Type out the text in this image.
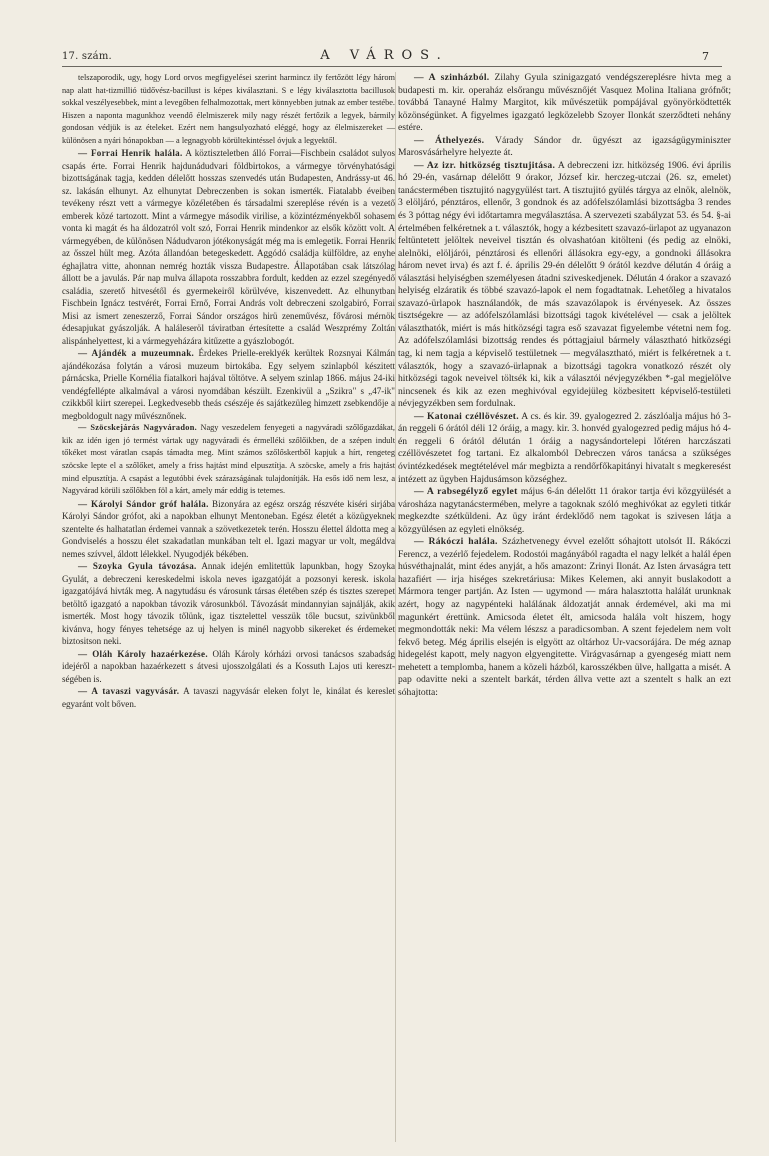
17. szám.	A VÁROS.	7

telszaporodik, ugy, hogy Lord orvos megfigyelései szerint harmincz ily fertőzött légy három nap alatt hat-tizmillió tüdővész-bacillust is képes kiválasztani. S e légy kiválasztotta bacillusok sokkal veszélyesebbek, mint a levegőben felhalmozottak, mert könnyebben jutnak az ember testébe. Hiszen a naponta magunkhoz veendő élelmiszerek mily nagy részét fertőzik a legyek, bármily gondosan védjük is az ételeket. Ezért nem hangsulyozható eléggé, hogy az élelmiszereket — különösen a nyári hónapokban — a legnagyobb körültekintéssel óvjuk a legyektől.

— Forrai Henrik halála. A köztiszteletben álló Forrai—Fischbein családot sulyos csapás érte. Forrai Henrik hajdunádudvari földbirtokos, a vármegye törvényhatósági bizottságának tagja, kedden délelőtt hosszas szenvedés után Budapesten, Andrássy-ut 46. sz. lakásán elhunyt. Az elhunytat Debreczenben is sokan ismerték. Fiatalabb éveiben tevékeny részt vett a vármegye közéletében és társadalmi szereplése révén is a vezető emberek közé tartozott. Mint a vármegye második virilise, a közintézményekből sohasem vonta ki magát és ha áldozatról volt szó, Forrai Henrik mindenkor az elsők között volt. A vármegyében, de különösen Nádudvaron jótékonyságát még ma is emlegetik. Forrai Henrik az ősszel hült meg. Azóta állandóan betegeskedett. Aggódó családja külföldre, az enyhe éghajlatra vitte, ahonnan nemrég hozták vissza Budapestre. Állapotában csak látszólag állott be a javulás. Pár nap mulva állapota rosszabbra fordult, kedden az ezzel szegényedő családia, szerető hitvesétől és gyermekeiről körülvéve, kiszenvedett. Az elhunytban Fischbein Ignácz testvérét, Forrai Ernő, Forrai András volt debreczeni szolgabiró, Forrai Misi az ismert zeneszerző, Forrai Sándor országos hirü zeneművész, fővárosi mérnök édesapjukat gyászolják. A haláleseröl táviratban értesítette a család Weszprémy Zoltán alispánhelyettest, ki a vármegyeházára kitűzette a gyászlobogót.

— Ajándék a muzeumnak. Érdekes Prielle-ereklyék kerültek Rozsnyai Kálmán ajándékozása folytán a városi muzeum birtokába. Egy selyem szinlapból készitett párnácska, Prielle Kornélia fiatalkori hajával töltötve. A selyem szinlap 1866. május 24-iki vendégfellépte alkalmával a városi nyomdában készült. Ezenkivül a „Szikra" s „47-ik" czikkből kiirt szerepei. Legkedvesebb theás csészéje és sajátkezüleg himzett zsebkendője a megboldogult nagy művésznőnek.

— Szöcskejárás Nagyváradon. Nagy veszedelem fenyegeti a nagyváradi szőlőgazdákat, kik az idén igen jó termést vártak ugy nagyváradi és érmelléki szőlőikben, de a szépen indult tőkéket most váratlan csapás támadta meg. Mint számos szőlőskertből kapjuk a hírt, rengeteg szöcske lepte el a szőlőket, amely a friss hajtást mind elpusztítja. A szöcske, amely a fris hajtást mind elpusztítja. A csapást a legutóbbi évek szárazságának tulajdonítják. Ha esős idő nem lesz, a Nagyvárad körüli szőlőkben föl a kárt, amely már eddig is tetemes.

— Károlyi Sándor gróf halála. Bizonyára az egész ország részvéte kiséri sirjába Károlyi Sándor grófot, aki a napokban elhunyt Mentoneban. Egész életét a közügyeknek szentelte és halhatatlan érdemei vannak a szövetkezetek terén. Hosszu élettel áldotta meg a Gondviselés a hosszu élet szakadatlan munkában telt el. Igazi magyar ur volt, megáldva nemes szívvel, áldott lélekkel. Nyugodjék békében.

— Szoyka Gyula távozása. Annak idején emlitettük lapunkban, hogy Szoyka Gyulát, a debreczeni kereskedelmi iskola neves igazgatóját a pozsonyi keresk. iskola igazgatójává hivták meg. A nagytudásu és városunk társas életében szép és tisztes szerepet betöltő igazgató a napokban távozik városunkból. Távozását mindannyian sajnálják, akik ismerték. Most hogy távozik tőlünk, igaz tisztelettel vesszük tőle bucsut, szivünkből kivánva, hogy fényes tehetsége az uj helyen is minél nagyobb sikereket és érdemeket biztositson neki.

— Oláh Károly hazaérkezése. Oláh Károly kórházi orvosi tanácsos szabadság idejéről a napokban hazaérkezett s átvesi ujosszolgálati és a Kossuth Lajos uti kereszt-ségében is.

— A tavaszi vagyvásár. A tavaszi nagyvásár eleken folyt le, kinálat és kereslet egyaránt volt bőven.

— A szinházból. Zilahy Gyula szinigazgató vendégszereplésre hivta meg a budapesti m. kir. operaház elsőrangu művésznőjét Vasquez Molina Italiana grófnőt; továbbá Tanayné Halmy Margitot, kik művészetük pompájával gyönyörködtették közönségünket. A figyelmes igazgató legközelebb Szoyer Ilonkát szerződteti nehány estére.

— Áthelyezés. Várady Sándor dr. ügyészt az igazságügyminiszter Marosvásárhelyre helyezte át.

— Az izr. hitközség tisztujitása. A debreczeni izr. hitközség 1906. évi április hó 29-én, vasárnap délelőtt 9 órakor, József kir. herczeg-utczai (26. sz, emelet) tanácstermében tisztujitó nagygyülést tart. A tisztujitó gyülés tárgya az elnök, alelnök, 3 elöljáró, pénztáros, ellenőr, 3 gondnok és az adófelszólamlási bizottságba 3 rendes és 3 póttag négy évi időtartamra megválasztása. A szervezeti szabályzat 53. és 54. §-ai értelmében felkéretnek a t. választók, hogy a kézbesitett szavazó-ürlapot az ugyanazon feltüntetett jelöltek neveivel tisztán és olvashatóan kitölteni (és pedig az elnöki, alelnöki, elöljárói, pénztárosi és ellenőri állásokra egy-egy, a gondnoki állásokra három nevet irva) és azt f. é. április 29-én délelőtt 9 órától kezdve délután 4 óráig a választási helyiségben személyesen átadni sziveskedjenek. Délután 4 órakor a szavazó helyiség elzáratik és többé szavazó-lapok el nem fogadtatnak. Lehetőleg a hivatalos szavazó-ürlapok használandók, de más szavazólapok is érvényesek. Az összes tisztségekre — az adófelszólamlási bizottsági tagok kivételével — csak a jelöltek választhatók, miért is más hitközségi tagra eső szavazat figyelembe vétetni nem fog. Az adófelszólamlási bizottság rendes és póttagjaiul bármely választható hitközségi tag, ki nem tagja a képviselő testületnek — megválasztható, miért is felkéretnek a t. választók, hogy a szavazó-ürlapnak a bizottsági tagokra vonatkozó részét oly hitközségi tagok neveivel töltsék ki, kik a választói névjegyzékben *-gal megjelölve nincsenek és kik az ezen meghivóval egyidejüleg közbesitett képviselő-testületi névjegyzékben sem fordulnak.

— Katonai czéllövészet. A cs. és kir. 39. gyalogezred 2. zászlóalja május hó 3-án reggeli 6 órától déli 12 óráig, a magy. kir. 3. honvéd gyalogezred pedig május hó 4-én reggeli 6 órától délután 1 óráig a nagysándortelepi lőtéren harczászati czéllövészetet fog tartani. Ez alkalomból Debreczen város tanácsa a szükséges óvintézkedések megtételével már megbizta a rendőrfőkapitányi hivatalt s megkeresést intézett az ügyben Hajdusámson községhez.

— A rabsegélyző egylet május 6-án délelőtt 11 órakor tartja évi közgyülését a városháza nagytanácstermében, melyre a tagoknak szóló meghivókat az egyleti titkár megkezdte szétküldeni. Az ügy iránt érdeklődő nem tagokat is szivesen látja a közgyülésen az egyleti elnökség.

— Rákóczi halála. Százhetvenegy évvel ezelőtt sóhajtott utolsót II. Rákóczi Ferencz, a vezérlő fejedelem. Rodostói magányából ragadta el nagy lelkét a halál épen húsvéthajnalát, mint édes anyját, a hős amazont: Zrinyi Ilonát. Az Isten árvaságra tett hazafiért — irja hiséges szekretáriusa: Mikes Kelemen, aki annyit buslakodott a Mármora tenger partján. Az Isten — ugymond — mára halasztotta halálát urunknak azért, hogy az nagypénteki halálának áldozatját annak érdemével, aki ma mi magunkért érettünk. Amicsoda életet élt, amicsoda halála volt hiszem, hogy megmondották neki: Ma vélem lészsz a paradicsomban. A szent fejedelem nem volt fekvő beteg. Még április elsején is elgyött az oltárhoz Ur-vacsorájára. De még aznap hidegelést kapott, mely nagyon elgyengitette. Virágvasárnap a gyengeség miatt nem mehetett a templomba, hanem a közeli házból, karosszékben ülve, hallgatta a misét. A pap odavitte neki a szentelt barkát, térden állva vette azt a szentelt s halk an ezt sóhajtotta:
